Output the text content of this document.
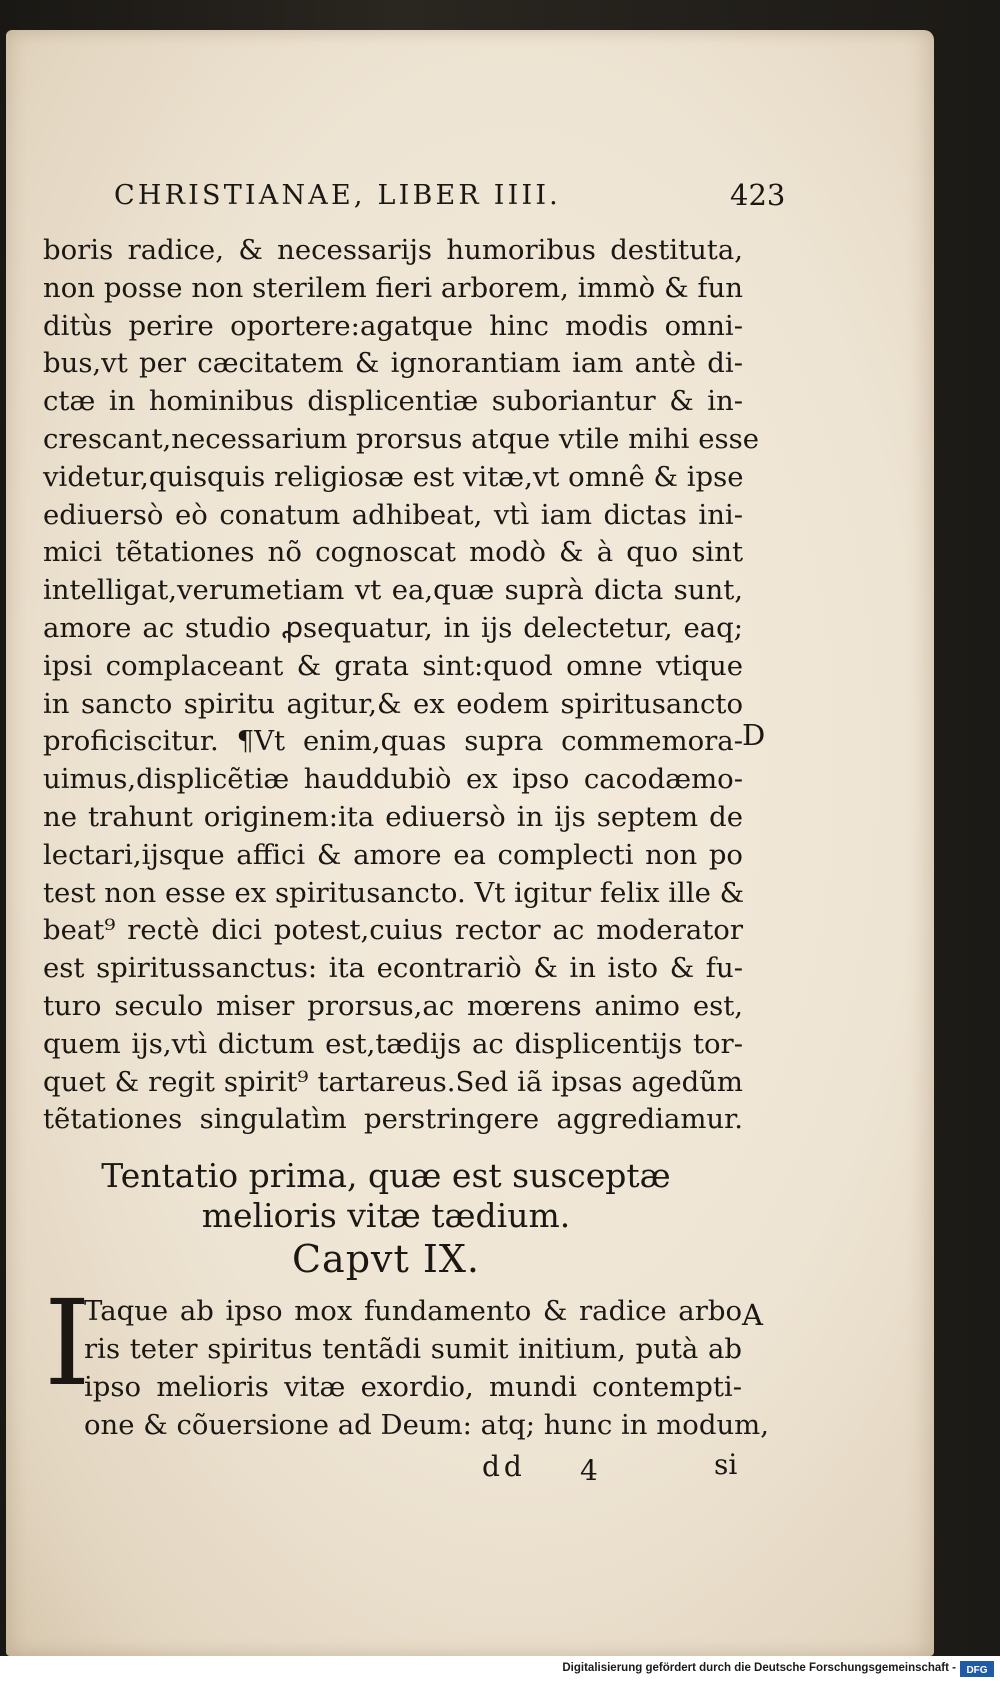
CHRISTIANAE, LIBER IIII.	423
boris radice, & necessarijs humoribus destituta,
non posse non sterilem fieri arborem, immò & fun
ditùs perire oportere:agatque hinc modis omni-
bus,vt per cæcitatem & ignorantiam iam antè di-
ctæ in hominibus displicentiæ suboriantur & in-
crescant,necessarium prorsus atque vtile mihi esse
videtur,quisquis religiosæ est vitæ,vt omnê & ipse
ediuersò eò conatum adhibeat, vtì iam dictas ini-
mici tẽtationes nõ cognoscat modò & à quo sint
intelligat,verumetiam vt ea,quæ suprà dicta sunt,
amore ac studio ꝓsequatur, in ijs delectetur, eaq;
ipsi complaceant & grata sint:quod omne vtique
in sancto spiritu agitur,& ex eodem spiritusancto
proficiscitur. ¶Vt enim,quas supra commemora-
uimus,displicẽtiæ hauddubiò ex ipso cacodæmo-
ne trahunt originem:ita ediuersò in ijs septem de
lectari,ijsque affici & amore ea complecti non po
test non esse ex spiritusancto. Vt igitur felix ille &
beat⁹ rectè dici potest,cuius rector ac moderator
est spiritussanctus: ita econtrariò & in isto & fu-
turo seculo miser prorsus,ac mœrens animo est,
quem ijs,vtì dictum est,tædijs ac displicentijs tor-
quet & regit spirit⁹ tartareus.Sed iã ipsas agedũm
tẽtationes singulatìm perstringere aggrediamur.
D
Tentatio prima, quæ est susceptæ
melioris vitæ tædium.
Capvt IX.
I	A
Taque ab ipso mox fundamento & radice arbo
ris teter spiritus tentãdi sumit initium, putà ab
ipso melioris vitæ exordio, mundi contempti-
one & cõuersione ad Deum: atq; hunc in modum,
dd 4	si
Digitalisierung gefördert durch die Deutsche Forschungsgemeinschaft - DFG
